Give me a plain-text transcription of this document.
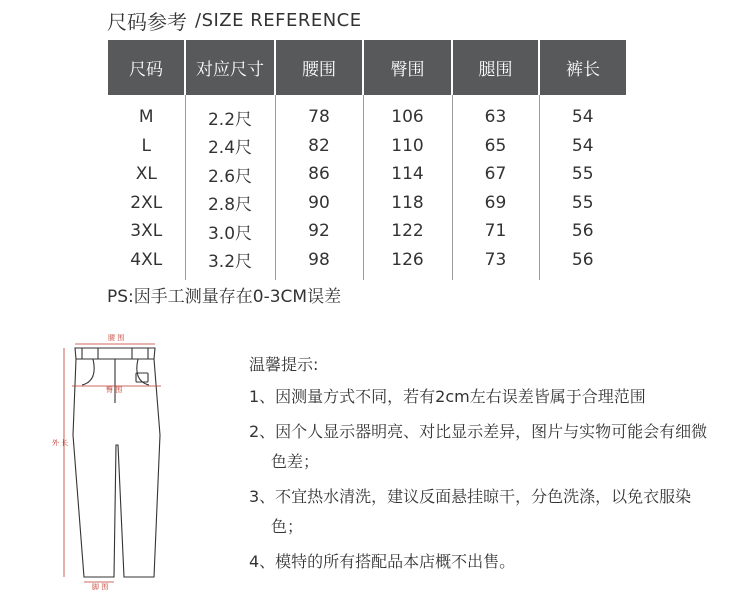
尺码参考 /SIZE REFERENCE
尺码	对应尺寸	腰围	臀围	腿围	裤长
M	2.2尺	78	106	63	54
L	2.4尺	82	110	65	54
XL	2.6尺	86	114	67	55
2XL	2.8尺	90	118	69	55
3XL	3.0尺	92	122	71	56
4XL	3.2尺	98	126	73	56
PS:因手工测量存在0-3CM误差
腰 围
臀 围
外 长
脚 围
温馨提示:
1、因测量方式不同，若有2cm左右误差皆属于合理范围
2、因个人显示器明亮、对比显示差异，图片与实物可能会有细微色差；
3、不宜热水清洗，建议反面悬挂晾干，分色洗涤，以免衣服染色；
4、模特的所有搭配品本店概不出售。
